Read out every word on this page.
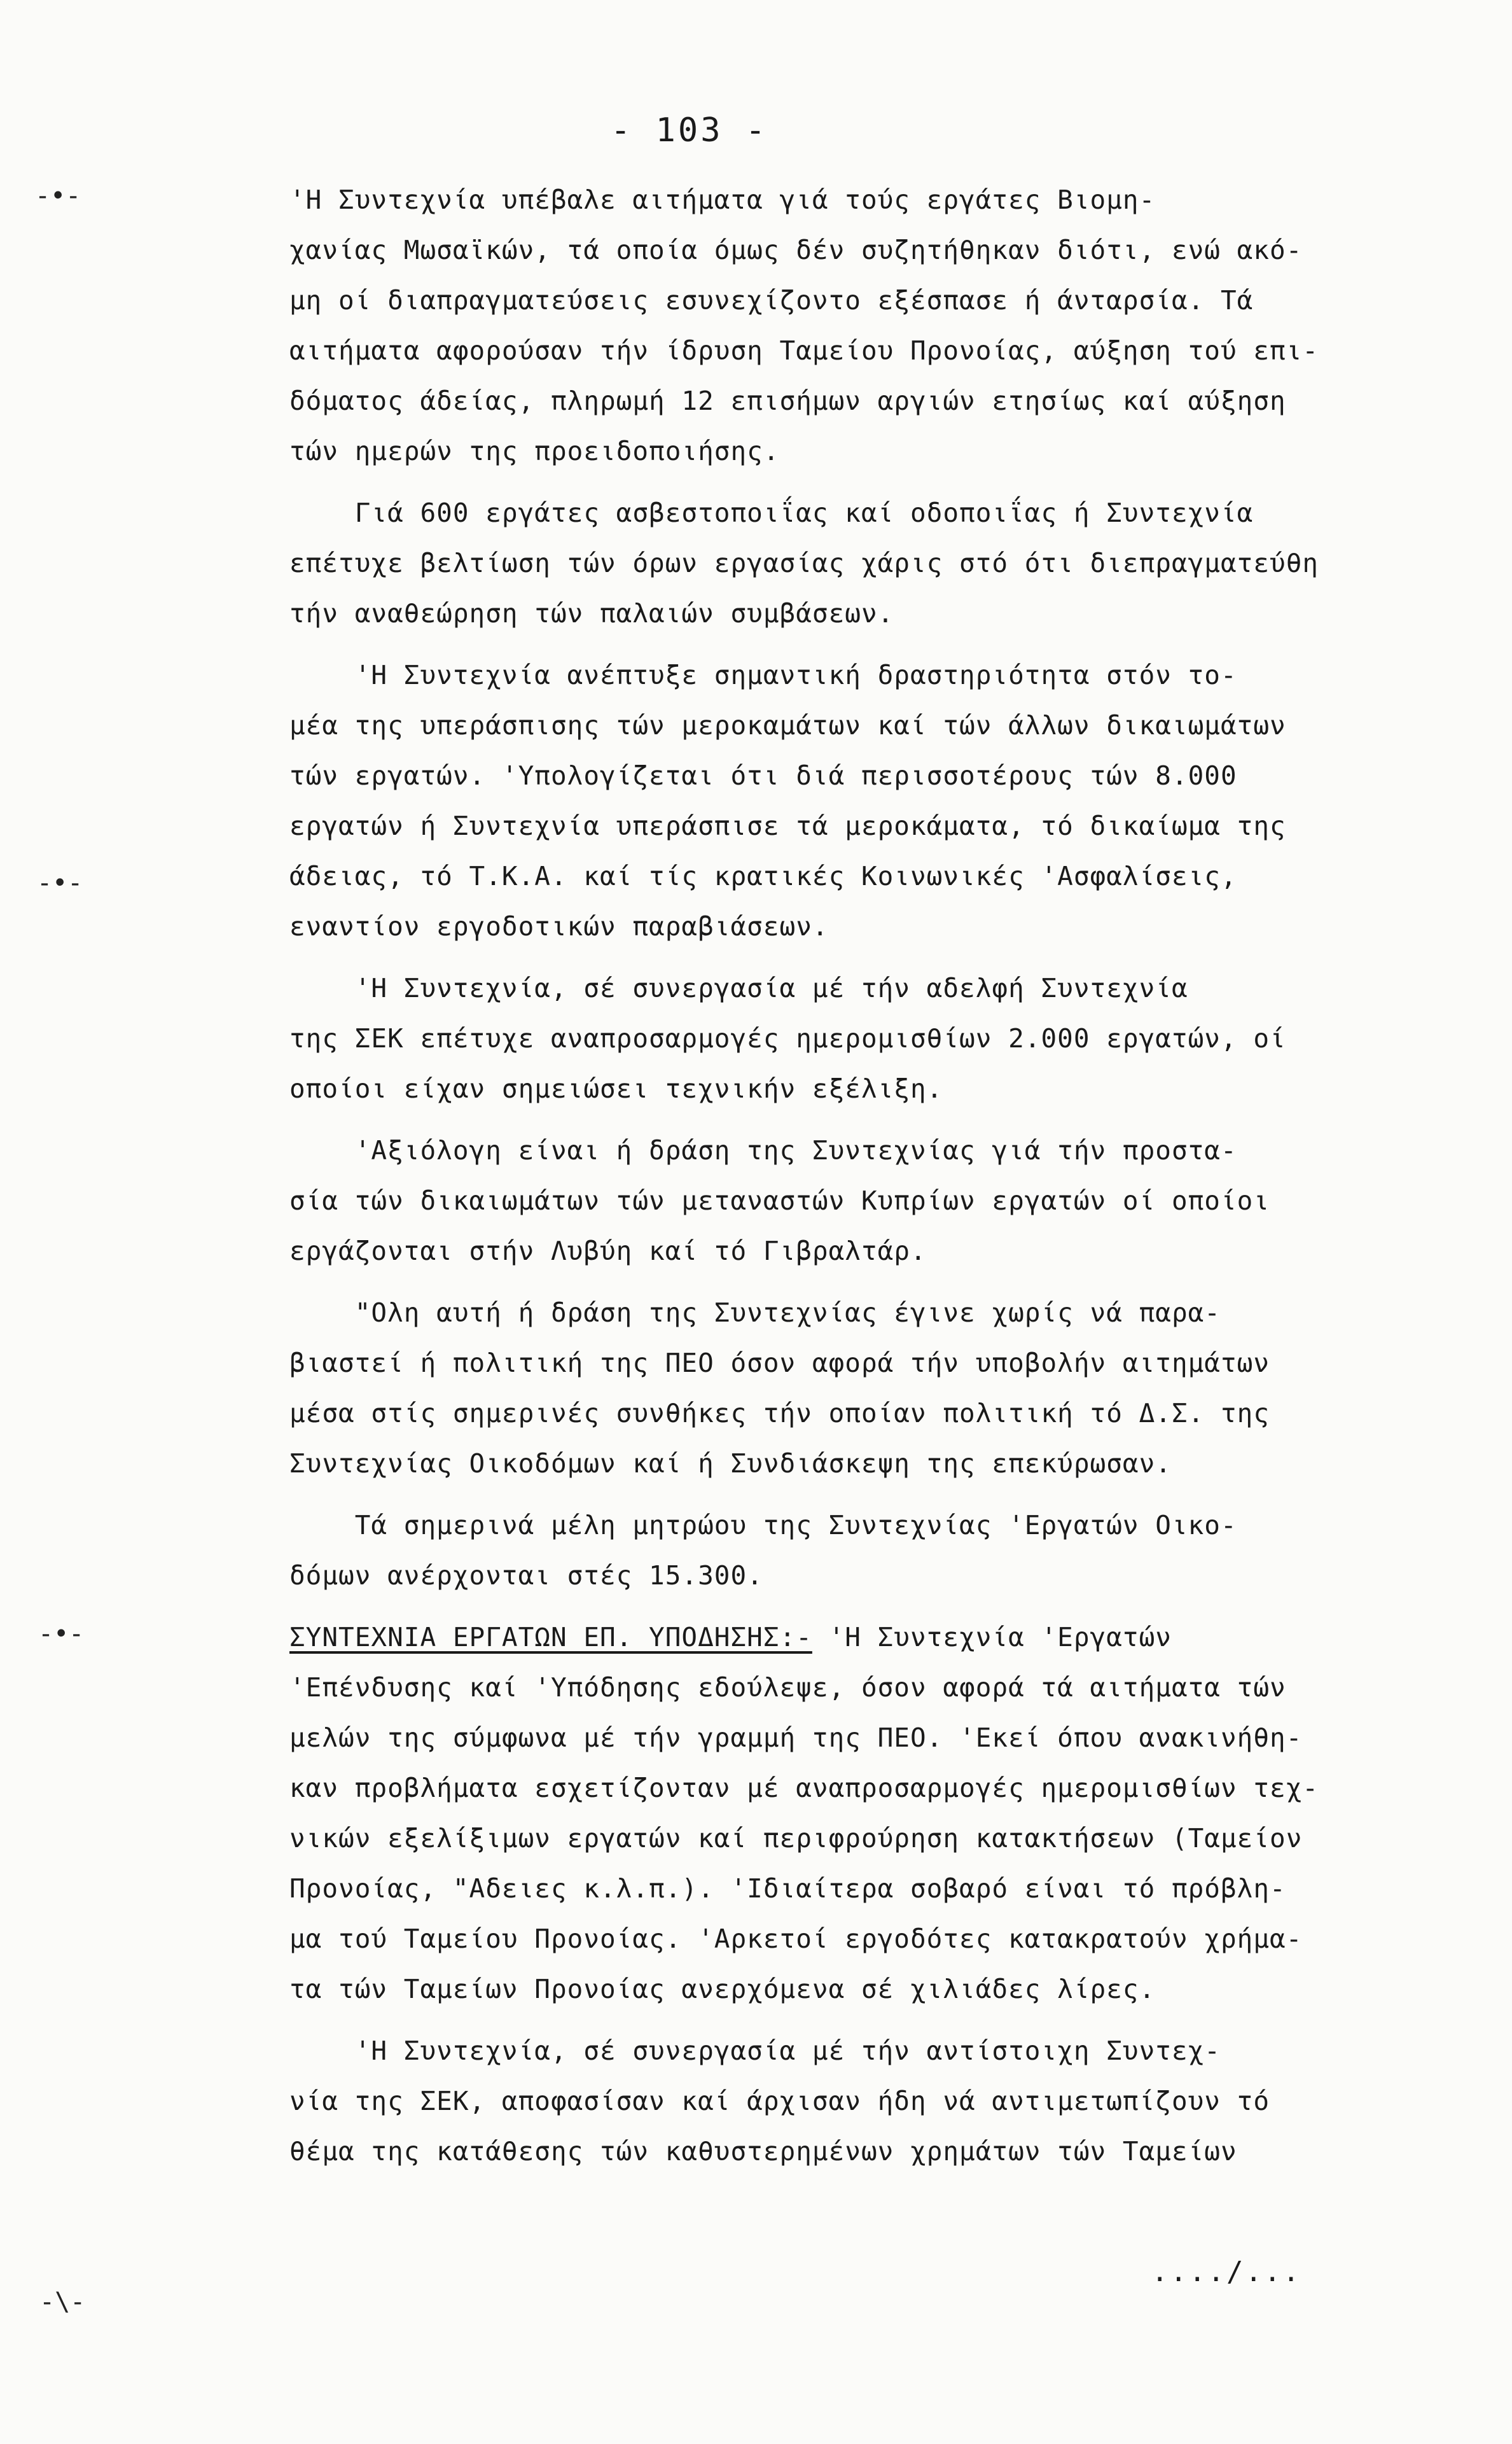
-•-
-•-
-•-
-\-
- 103 -
'Η Συντεχνία υπέβαλε αιτήματα γιά τούς εργάτες Βιομη-
χανίας Μωσαϊκών, τά οποία όμως δέν συζητήθηκαν διότι, ενώ ακό-
μη οί διαπραγματεύσεις εσυνεχίζοντο εξέσπασε ή άνταρσία. Τά
αιτήματα αφορούσαν τήν ίδρυση Ταμείου Προνοίας, αύξηση τού επι-
δόματος άδείας, πληρωμή 12 επισήμων αργιών ετησίως καί αύξηση
τών ημερών της προειδοποιήσης.
Γιά 600 εργάτες ασβεστοποιΐας καί οδοποιΐας ή Συντεχνία
επέτυχε βελτίωση τών όρων εργασίας χάρις στό ότι διεπραγματεύθη
τήν αναθεώρηση τών παλαιών συμβάσεων.
'Η Συντεχνία ανέπτυξε σημαντική δραστηριότητα στόν το-
μέα της υπεράσπισης τών μεροκαμάτων καί τών άλλων δικαιωμάτων
τών εργατών. 'Υπολογίζεται ότι διά περισσοτέρους τών 8.000
εργατών ή Συντεχνία υπεράσπισε τά μεροκάματα, τό δικαίωμα της
άδειας, τό Τ.Κ.Α. καί τίς κρατικές Κοινωνικές 'Ασφαλίσεις,
εναντίον εργοδοτικών παραβιάσεων.
'Η Συντεχνία, σέ συνεργασία μέ τήν αδελφή Συντεχνία
της ΣΕΚ επέτυχε αναπροσαρμογές ημερομισθίων 2.000 εργατών, οί
οποίοι είχαν σημειώσει τεχνικήν εξέλιξη.
'Αξιόλογη είναι ή δράση της Συντεχνίας γιά τήν προστα-
σία τών δικαιωμάτων τών μεταναστών Κυπρίων εργατών οί οποίοι
εργάζονται στήν Λυβύη καί τό Γιβραλτάρ.
"Ολη αυτή ή δράση της Συντεχνίας έγινε χωρίς νά παρα-
βιαστεί ή πολιτική της ΠΕΟ όσον αφορά τήν υποβολήν αιτημάτων
μέσα στίς σημερινές συνθήκες τήν οποίαν πολιτική τό Δ.Σ. της
Συντεχνίας Οικοδόμων καί ή Συνδιάσκεψη της επεκύρωσαν.
Τά σημερινά μέλη μητρώου της Συντεχνίας 'Εργατών Οικο-
δόμων ανέρχονται στές 15.300.
ΣΥΝΤΕΧΝΙΑ ΕΡΓΑΤΩΝ ΕΠ. ΥΠΟΔΗΣΗΣ:- 'Η Συντεχνία 'Εργατών
'Επένδυσης καί 'Υπόδησης εδούλεψε, όσον αφορά τά αιτήματα τών
μελών της σύμφωνα μέ τήν γραμμή της ΠΕΟ. 'Εκεί όπου ανακινήθη-
καν προβλήματα εσχετίζονταν μέ αναπροσαρμογές ημερομισθίων τεχ-
νικών εξελίξιμων εργατών καί περιφρούρηση κατακτήσεων (Ταμείον
Προνοίας, "Αδειες κ.λ.π.). 'Ιδιαίτερα σοβαρό είναι τό πρόβλη-
μα τού Ταμείου Προνοίας. 'Αρκετοί εργοδότες κατακρατούν χρήμα-
τα τών Ταμείων Προνοίας ανερχόμενα σέ χιλιάδες λίρες.
'Η Συντεχνία, σέ συνεργασία μέ τήν αντίστοιχη Συντεχ-
νία της ΣΕΚ, αποφασίσαν καί άρχισαν ήδη νά αντιμετωπίζουν τό
θέμα της κατάθεσης τών καθυστερημένων χρημάτων τών Ταμείων
..../...
